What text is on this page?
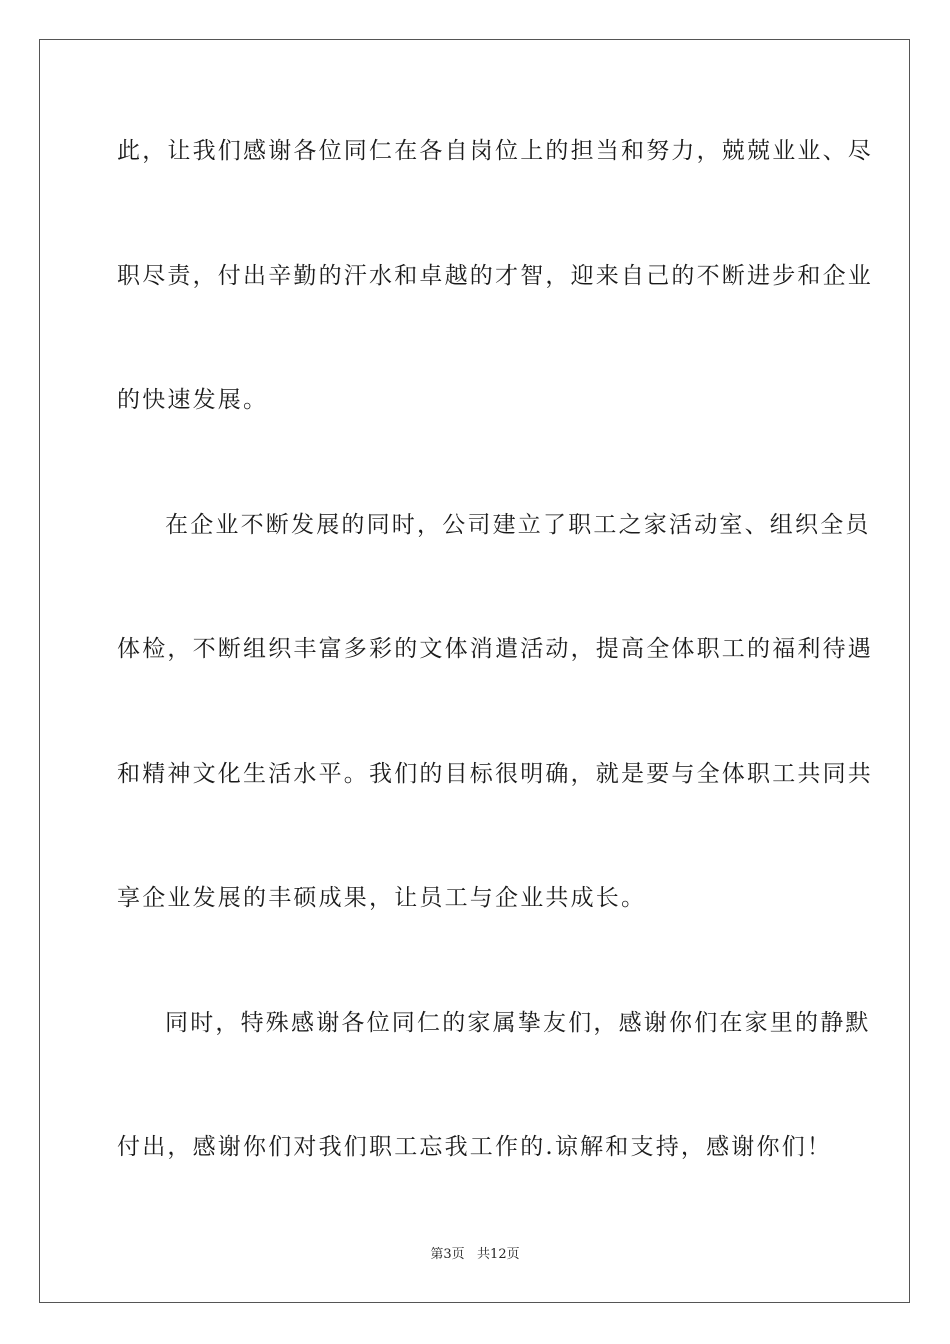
此，让我们感谢各位同仁在各自岗位上的担当和努力，兢兢业业、尽
职尽责，付出辛勤的汗水和卓越的才智，迎来自己的不断进步和企业
的快速发展。
在企业不断发展的同时，公司建立了职工之家活动室、组织全员
体检，不断组织丰富多彩的文体消遣活动，提高全体职工的福利待遇
和精神文化生活水平。我们的目标很明确，就是要与全体职工共同共
享企业发展的丰硕成果，让员工与企业共成长。
同时，特殊感谢各位同仁的家属挚友们，感谢你们在家里的静默
付出，感谢你们对我们职工忘我工作的.谅解和支持，感谢你们！
第3页   共12页
